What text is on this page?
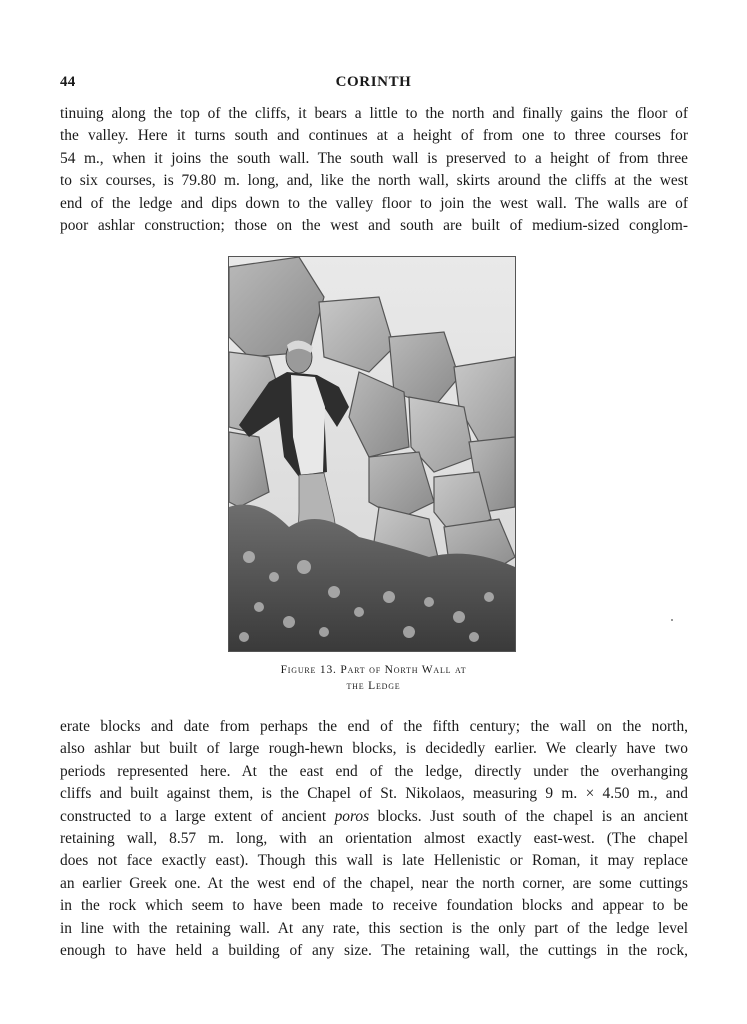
44	CORINTH
tinuing along the top of the cliffs, it bears a little to the north and finally gains the floor of
the valley. Here it turns south and continues at a height of from one to three courses for
54 m., when it joins the south wall. The south wall is preserved to a height of from three
to six courses, is 79.80 m. long, and, like the north wall, skirts around the cliffs at the west
end of the ledge and dips down to the valley floor to join the west wall. The walls are of
poor ashlar construction; those on the west and south are built of medium-sized conglom-
Figure 13. Part of North Wall at
the Ledge
erate blocks and date from perhaps the end of the fifth century; the wall on the north,
also ashlar but built of large rough-hewn blocks, is decidedly earlier. We clearly have two
periods represented here. At the east end of the ledge, directly under the overhanging
cliffs and built against them, is the Chapel of St. Nikolaos, measuring 9 m. × 4.50 m., and
constructed to a large extent of ancient poros blocks. Just south of the chapel is an ancient
retaining wall, 8.57 m. long, with an orientation almost exactly east-west. (The chapel
does not face exactly east). Though this wall is late Hellenistic or Roman, it may replace
an earlier Greek one. At the west end of the chapel, near the north corner, are some cuttings
in the rock which seem to have been made to receive foundation blocks and appear to be
in line with the retaining wall. At any rate, this section is the only part of the ledge level
enough to have held a building of any size. The retaining wall, the cuttings in the rock,
